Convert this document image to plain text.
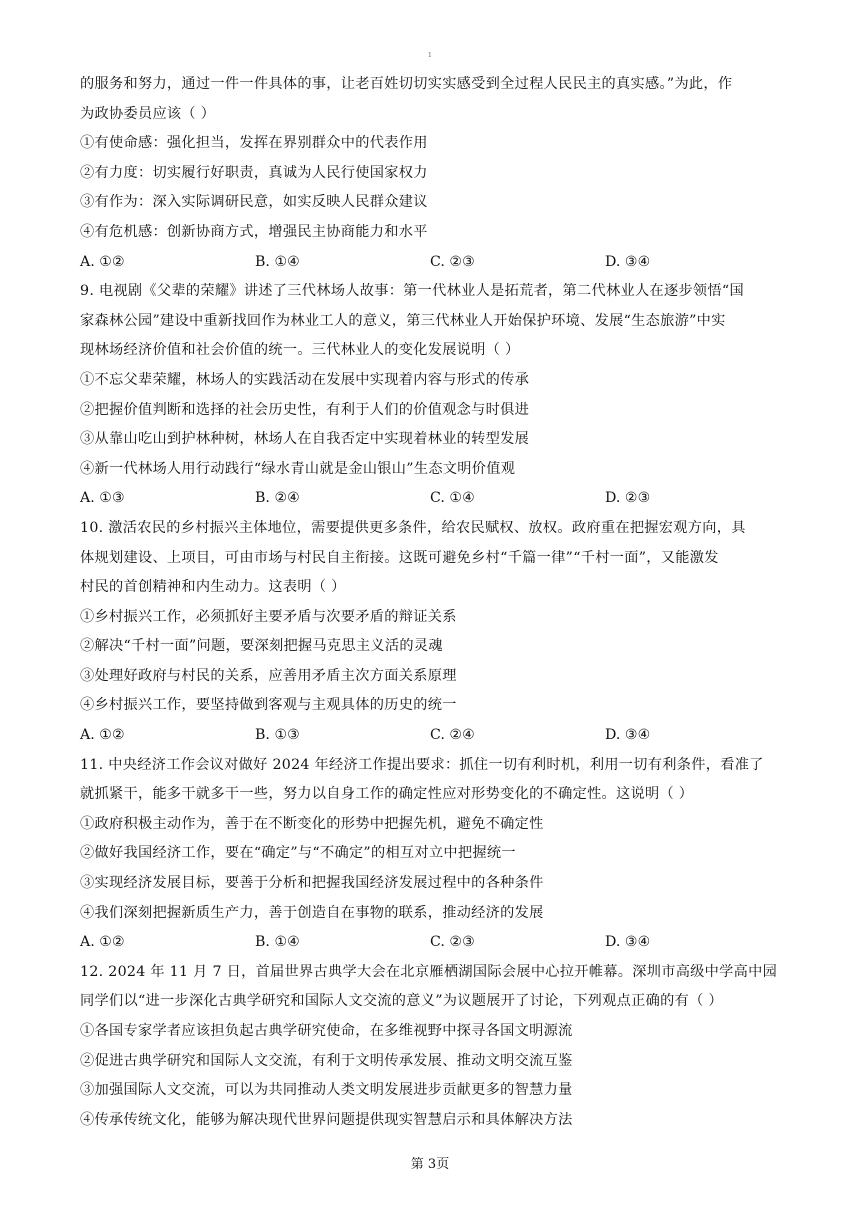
1
的服务和努力，通过一件一件具体的事，让老百姓切切实实感受到全过程人民民主的真实感。”为此，作
为政协委员应该（ ）
①有使命感：强化担当，发挥在界别群众中的代表作用
②有力度：切实履行好职责，真诚为人民行使国家权力
③有作为：深入实际调研民意，如实反映人民群众建议
④有危机感：创新协商方式，增强民主协商能力和水平
A. ①②	B. ①④	C. ②③	D. ③④
9. 电视剧《父辈的荣耀》讲述了三代林场人故事：第一代林业人是拓荒者，第二代林业人在逐步领悟“国
家森林公园”建设中重新找回作为林业工人的意义，第三代林业人开始保护环境、发展“生态旅游”中实
现林场经济价值和社会价值的统一。三代林业人的变化发展说明（ ）
①不忘父辈荣耀，林场人的实践活动在发展中实现着内容与形式的传承
②把握价值判断和选择的社会历史性，有利于人们的价值观念与时俱进
③从靠山吃山到护林种树，林场人在自我否定中实现着林业的转型发展
④新一代林场人用行动践行“绿水青山就是金山银山”生态文明价值观
A. ①③	B. ②④	C. ①④	D. ②③
10. 激活农民的乡村振兴主体地位，需要提供更多条件，给农民赋权、放权。政府重在把握宏观方向，具
体规划建设、上项目，可由市场与村民自主衔接。这既可避免乡村“千篇一律”“千村一面”，又能激发
村民的首创精神和内生动力。这表明（ ）
①乡村振兴工作，必须抓好主要矛盾与次要矛盾的辩证关系
②解决“千村一面”问题，要深刻把握马克思主义活的灵魂
③处理好政府与村民的关系，应善用矛盾主次方面关系原理
④乡村振兴工作，要坚持做到客观与主观具体的历史的统一
A. ①②	B. ①③	C. ②④	D. ③④
11. 中央经济工作会议对做好 2024 年经济工作提出要求：抓住一切有利时机，利用一切有利条件，看准了
就抓紧干，能多干就多干一些，努力以自身工作的确定性应对形势变化的不确定性。这说明（ ）
①政府积极主动作为，善于在不断变化的形势中把握先机，避免不确定性
②做好我国经济工作，要在“确定”与“不确定”的相互对立中把握统一
③实现经济发展目标，要善于分析和把握我国经济发展过程中的各种条件
④我们深刻把握新质生产力，善于创造自在事物的联系，推动经济的发展
A. ①②	B. ①④	C. ②③	D. ③④
12. 2024 年 11 月 7 日，首届世界古典学大会在北京雁栖湖国际会展中心拉开帷幕。深圳市高级中学高中园
同学们以“进一步深化古典学研究和国际人文交流的意义”为议题展开了讨论，下列观点正确的有（ ）
①各国专家学者应该担负起古典学研究使命，在多维视野中探寻各国文明源流
②促进古典学研究和国际人文交流，有利于文明传承发展、推动文明交流互鉴
③加强国际人文交流，可以为共同推动人类文明发展进步贡献更多的智慧力量
④传承传统文化，能够为解决现代世界问题提供现实智慧启示和具体解决方法
第 3页
